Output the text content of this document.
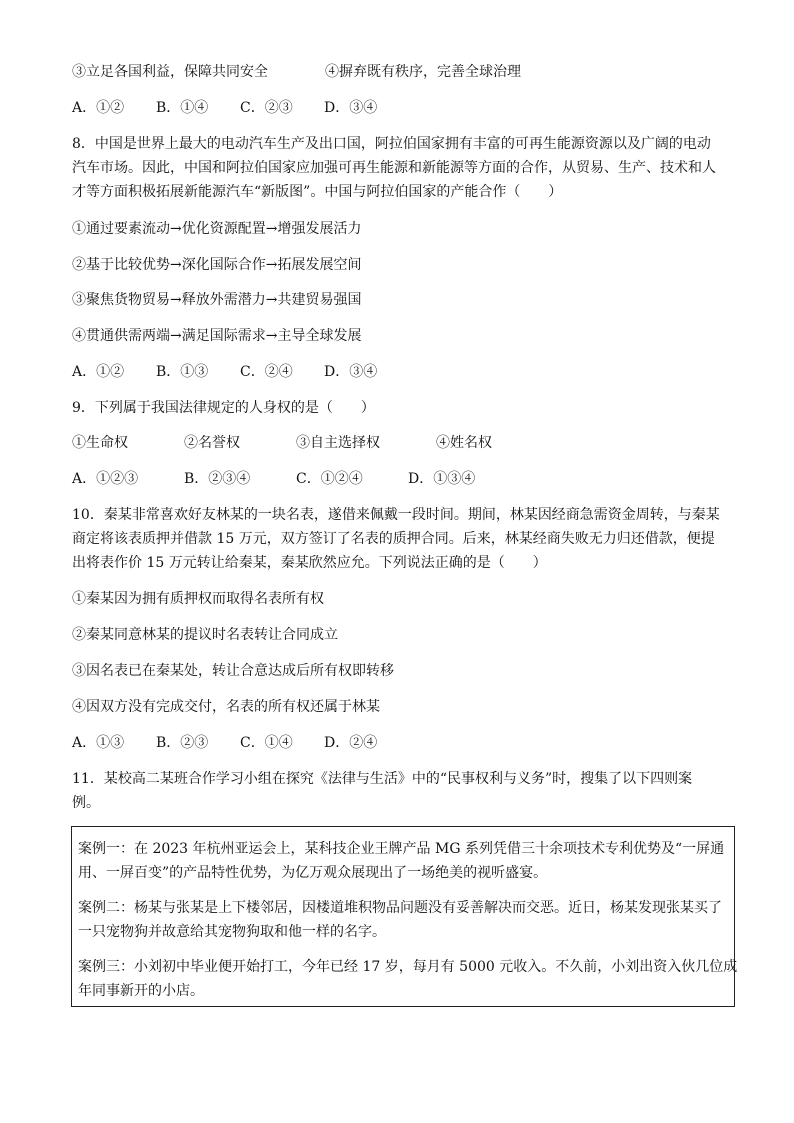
③立足各国利益，保障共同安全	④摒弃既有秩序，完善全球治理
A．①② B．①④ C．②③ D．③④
8．中国是世界上最大的电动汽车生产及出口国，阿拉伯国家拥有丰富的可再生能源资源以及广阔的电动
汽车市场。因此，中国和阿拉伯国家应加强可再生能源和新能源等方面的合作，从贸易、生产、技术和人
才等方面积极拓展新能源汽车“新版图”。中国与阿拉伯国家的产能合作（　　）
①通过要素流动→优化资源配置→增强发展活力
②基于比较优势→深化国际合作→拓展发展空间
③聚焦货物贸易→释放外需潜力→共建贸易强国
④贯通供需两端→满足国际需求→主导全球发展
A．①② B．①③ C．②④ D．③④
9．下列属于我国法律规定的人身权的是（　　）
①生命权	②名誉权	③自主选择权	④姓名权
A．①②③	B．②③④	C．①②④	D．①③④
10．秦某非常喜欢好友林某的一块名表，遂借来佩戴一段时间。期间，林某因经商急需资金周转，与秦某
商定将该表质押并借款 15 万元，双方签订了名表的质押合同。后来，林某经商失败无力归还借款，便提
出将表作价 15 万元转让给秦某，秦某欣然应允。下列说法正确的是（　　）
①秦某因为拥有质押权而取得名表所有权
②秦某同意林某的提议时名表转让合同成立
③因名表已在秦某处，转让合意达成后所有权即转移
④因双方没有完成交付，名表的所有权还属于林某
A．①③ B．②③ C．①④ D．②④
11．某校高二某班合作学习小组在探究《法律与生活》中的“民事权利与义务”时，搜集了以下四则案
例。
案例一：在 2023 年杭州亚运会上，某科技企业王牌产品 MG 系列凭借三十余项技术专利优势及“一屏通
用、一屏百变”的产品特性优势，为亿万观众展现出了一场绝美的视听盛宴。
案例二：杨某与张某是上下楼邻居，因楼道堆积物品问题没有妥善解决而交恶。近日，杨某发现张某买了
一只宠物狗并故意给其宠物狗取和他一样的名字。
案例三：小刘初中毕业便开始打工，今年已经 17 岁，每月有 5000 元收入。不久前，小刘出资入伙几位成
年同事新开的小店。
